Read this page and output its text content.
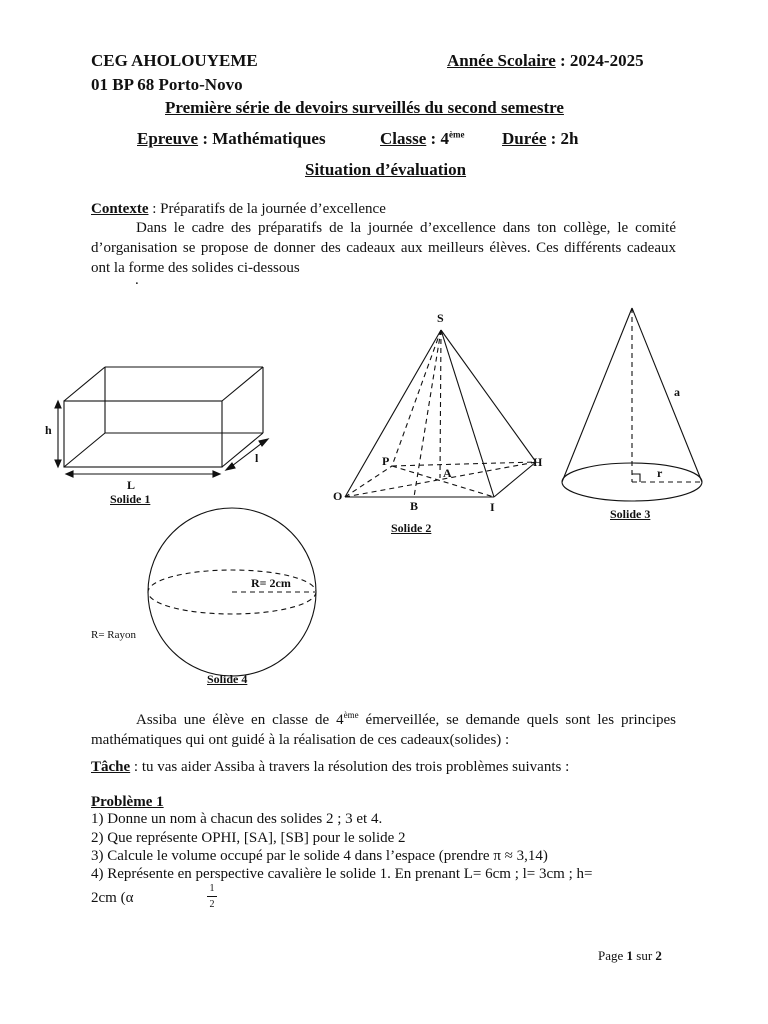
CEG AHOLOUYEME	Année Scolaire : 2024-2025
01 BP 68 Porto-Novo
Première série de devoirs surveillés du second semestre
Epreuve : Mathématiques	Classe : 4ème Durée : 2h
Situation d’évaluation
Contexte : Préparatifs de la journée d’excellence
Dans le cadre des préparatifs de la journée d’excellence dans ton collège, le comité d’organisation se propose de donner des cadeaux aux meilleurs élèves. Ces différents cadeaux ont la forme des solides ci-dessous
.
h
L
l
Solide 1
S
P	H
A
O
B	I
Solide 2
a
r
Solide 3
R= 2cm
R= Rayon
Solide 4
Assiba une élève en classe de 4ème émerveillée, se demande quels sont les principes mathématiques qui ont guidé à la réalisation de ces cadeaux(solides) :
Tâche : tu vas aider Assiba à travers la résolution des trois problèmes suivants :
Problème 1
1) Donne un nom à chacun des solides 2 ; 3 et 4.
2) Que représente OPHI, [SA], [SB] pour le solide 2
3) Calcule le volume occupé par le solide 4 dans l’espace (prendre π ≈ 3,14)
4) Représente en perspective cavalière le solide 1. En prenant L= 6cm ; l= 3cm ; h=
2cm (α
1
2
Page 1 sur 2
